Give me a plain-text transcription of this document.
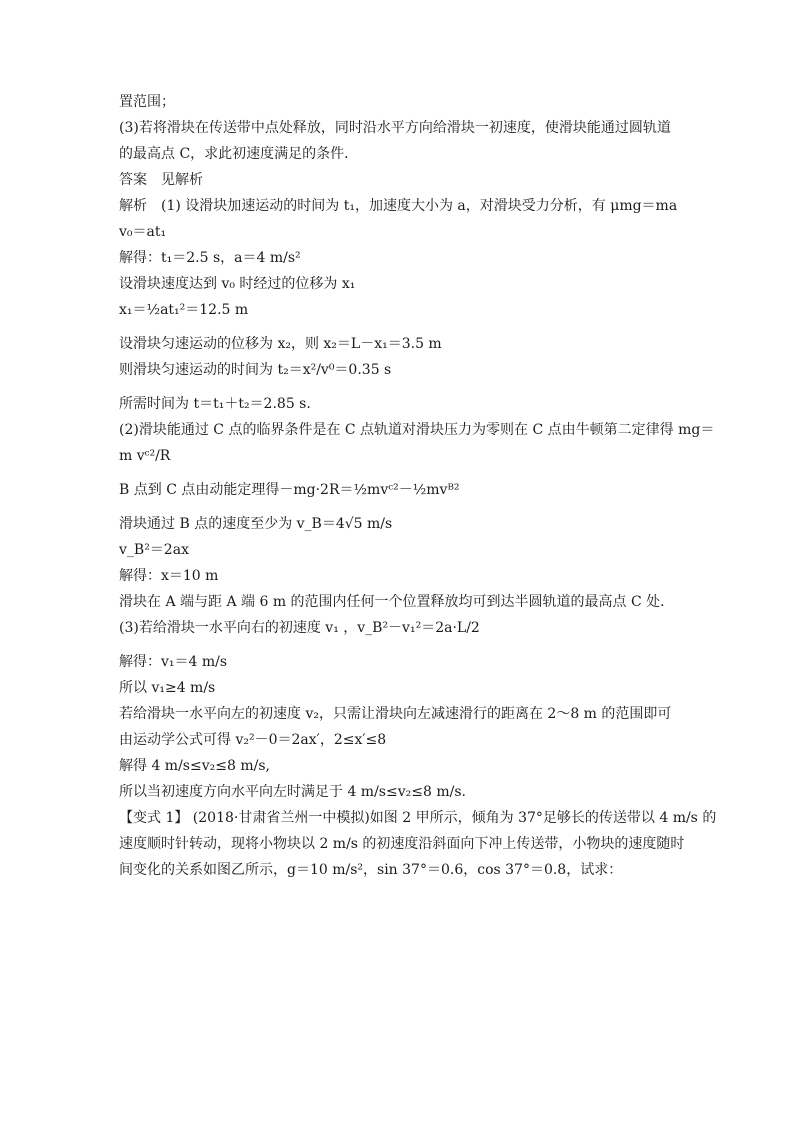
置范围；
(3)若将滑块在传送带中点处释放，同时沿水平方向给滑块一初速度，使滑块能通过圆轨道
的最高点 C，求此初速度满足的条件．
答案　见解析
解析　(1) 设滑块加速运动的时间为 t₁，加速度大小为 a，对滑块受力分析，有 μmg＝ma
v₀＝at₁
解得：t₁＝2.5 s，a＝4 m/s²
设滑块速度达到 v₀ 时经过的位移为 x₁
x₁＝½at₁²＝12.5 m
设滑块匀速运动的位移为 x₂，则 x₂＝L－x₁＝3.5 m
则滑块匀速运动的时间为 t₂＝x²/v⁰＝0.35 s
所需时间为 t＝t₁＋t₂＝2.85 s.
(2)滑块能通过 C 点的临界条件是在 C 点轨道对滑块压力为零则在 C 点由牛顿第二定律得 mg＝
m vᶜ²/R
B 点到 C 点由动能定理得－mg·2R＝½mvᶜ²－½mvᴮ²
滑块通过 B 点的速度至少为 v_B＝4√5 m/s
v_B²＝2ax
解得：x＝10 m
滑块在 A 端与距 A 端 6 m 的范围内任何一个位置释放均可到达半圆轨道的最高点 C 处．
(3)若给滑块一水平向右的初速度 v₁ ，v_B²－v₁²＝2a·L/2
解得：v₁＝4 m/s
所以 v₁≥4 m/s
若给滑块一水平向左的初速度 v₂，只需让滑块向左减速滑行的距离在 2～8 m 的范围即可
由运动学公式可得 v₂²－0＝2ax′，2≤x′≤8
解得 4 m/s≤v₂≤8 m/s,
所以当初速度方向水平向左时满足于 4 m/s≤v₂≤8 m/s.
【变式 1】 (2018·甘肃省兰州一中模拟)如图 2 甲所示，倾角为 37°足够长的传送带以 4 m/s 的
速度顺时针转动，现将小物块以 2 m/s 的初速度沿斜面向下冲上传送带，小物块的速度随时
间变化的关系如图乙所示，g＝10 m/s²，sin 37°＝0.6，cos 37°＝0.8，试求：
